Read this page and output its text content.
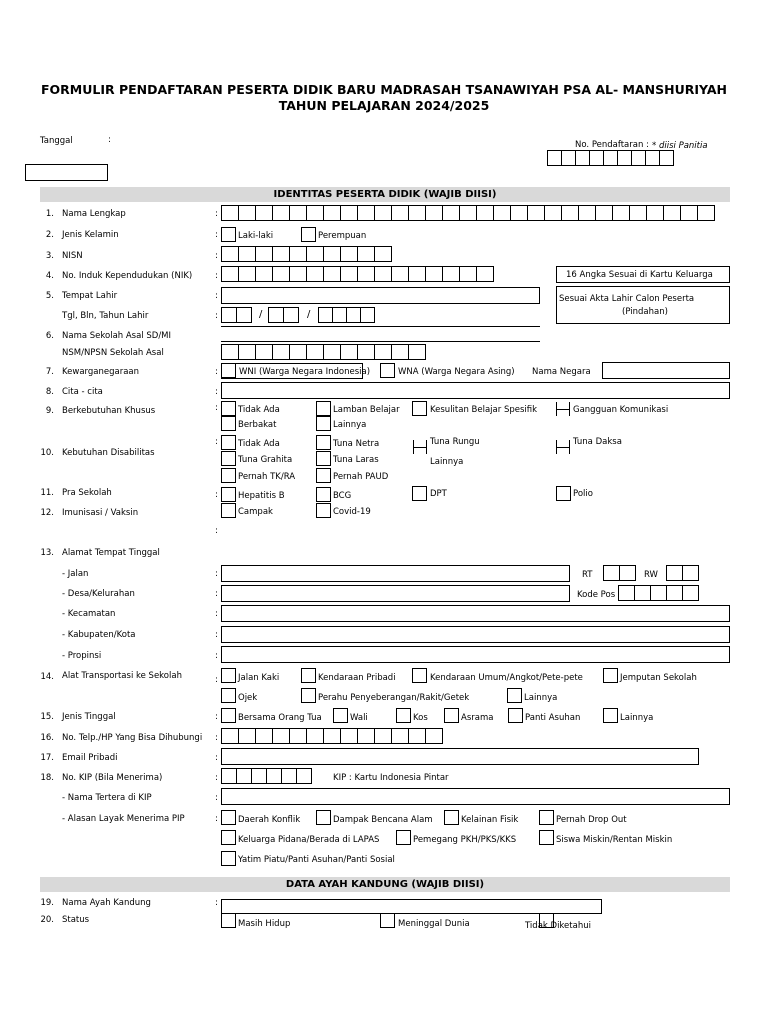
FORMULIR PENDAFTARAN PESERTA DIDIK BARU MADRASAH TSANAWIYAH PSA AL- MANSHURIYAH
TAHUN PELAJARAN 2024/2025
Tanggal	:	No. Pendaftaran : * diisi Panitia
IDENTITAS PESERTA DIDIK (WAJIB DIISI)
1. Nama Lengkap	:
2. Jenis Kelamin	: Laki-laki	Perempuan
3. NISN	:
4. No. Induk Kependudukan (NIK)	:	16 Angka Sesuai di Kartu Keluarga
5. Tempat Lahir	:	Sesuai Akta Lahir Calon Peserta
(Pindahan)
Tgl, Bln, Tahun Lahir	:	/	/
6. Nama Sekolah Asal SD/MI
NSM/NPSN Sekolah Asal
7. Kewarganegaraan	: WNI (Warga Negara Indonesia)	WNA (Warga Negara Asing) Nama Negara
8. Cita - cita	:
9. Berkebutuhan Khusus	: Tidak Ada	Lamban Belajar	Kesulitan Belajar Spesifik	Gangguan Komunikasi
Berbakat	Lainnya
10. Kebutuhan Disabilitas
: Tidak Ada	Tuna Netra	Tuna Rungu	Tuna Daksa
Tuna Grahita	Tuna Laras	Lainnya
Pernah TK/RA	Pernah PAUD
11. Pra Sekolah	: Hepatitis B	BCG	DPT	Polio
12. Imunisasi / Vaksin	Campak	Covid-19
:
13. Alamat Tempat Tinggal
- Jalan	:	RT	RW
- Desa/Kelurahan	:	Kode Pos
- Kecamatan	:
- Kabupaten/Kota	:
- Propinsi	:
14. Alat Transportasi ke Sekolah	: Jalan Kaki	Kendaraan Pribadi	Kendaraan Umum/Angkot/Pete-pete	Jemputan Sekolah
Ojek	Perahu Penyeberangan/Rakit/Getek	Lainnya
15. Jenis Tinggal	: Bersama Orang Tua	Wali	Kos	Asrama	Panti Asuhan	Lainnya
16. No. Telp./HP Yang Bisa Dihubungi :
17. Email Pribadi	:
18. No. KIP (Bila Menerima)	:	KIP : Kartu Indonesia Pintar
- Nama Tertera di KIP	:
- Alasan Layak Menerima PIP	: Daerah Konflik	Dampak Bencana Alam	Kelainan Fisik	Pernah Drop Out
Keluarga Pidana/Berada di LAPAS	Pemegang PKH/PKS/KKS	Siswa Miskin/Rentan Miskin
Yatim Piatu/Panti Asuhan/Panti Sosial
DATA AYAH KANDUNG (WAJIB DIISI)
19. Nama Ayah Kandung	:
20. Status	Masih Hidup	Meninggal Dunia	Tidak Diketahui
